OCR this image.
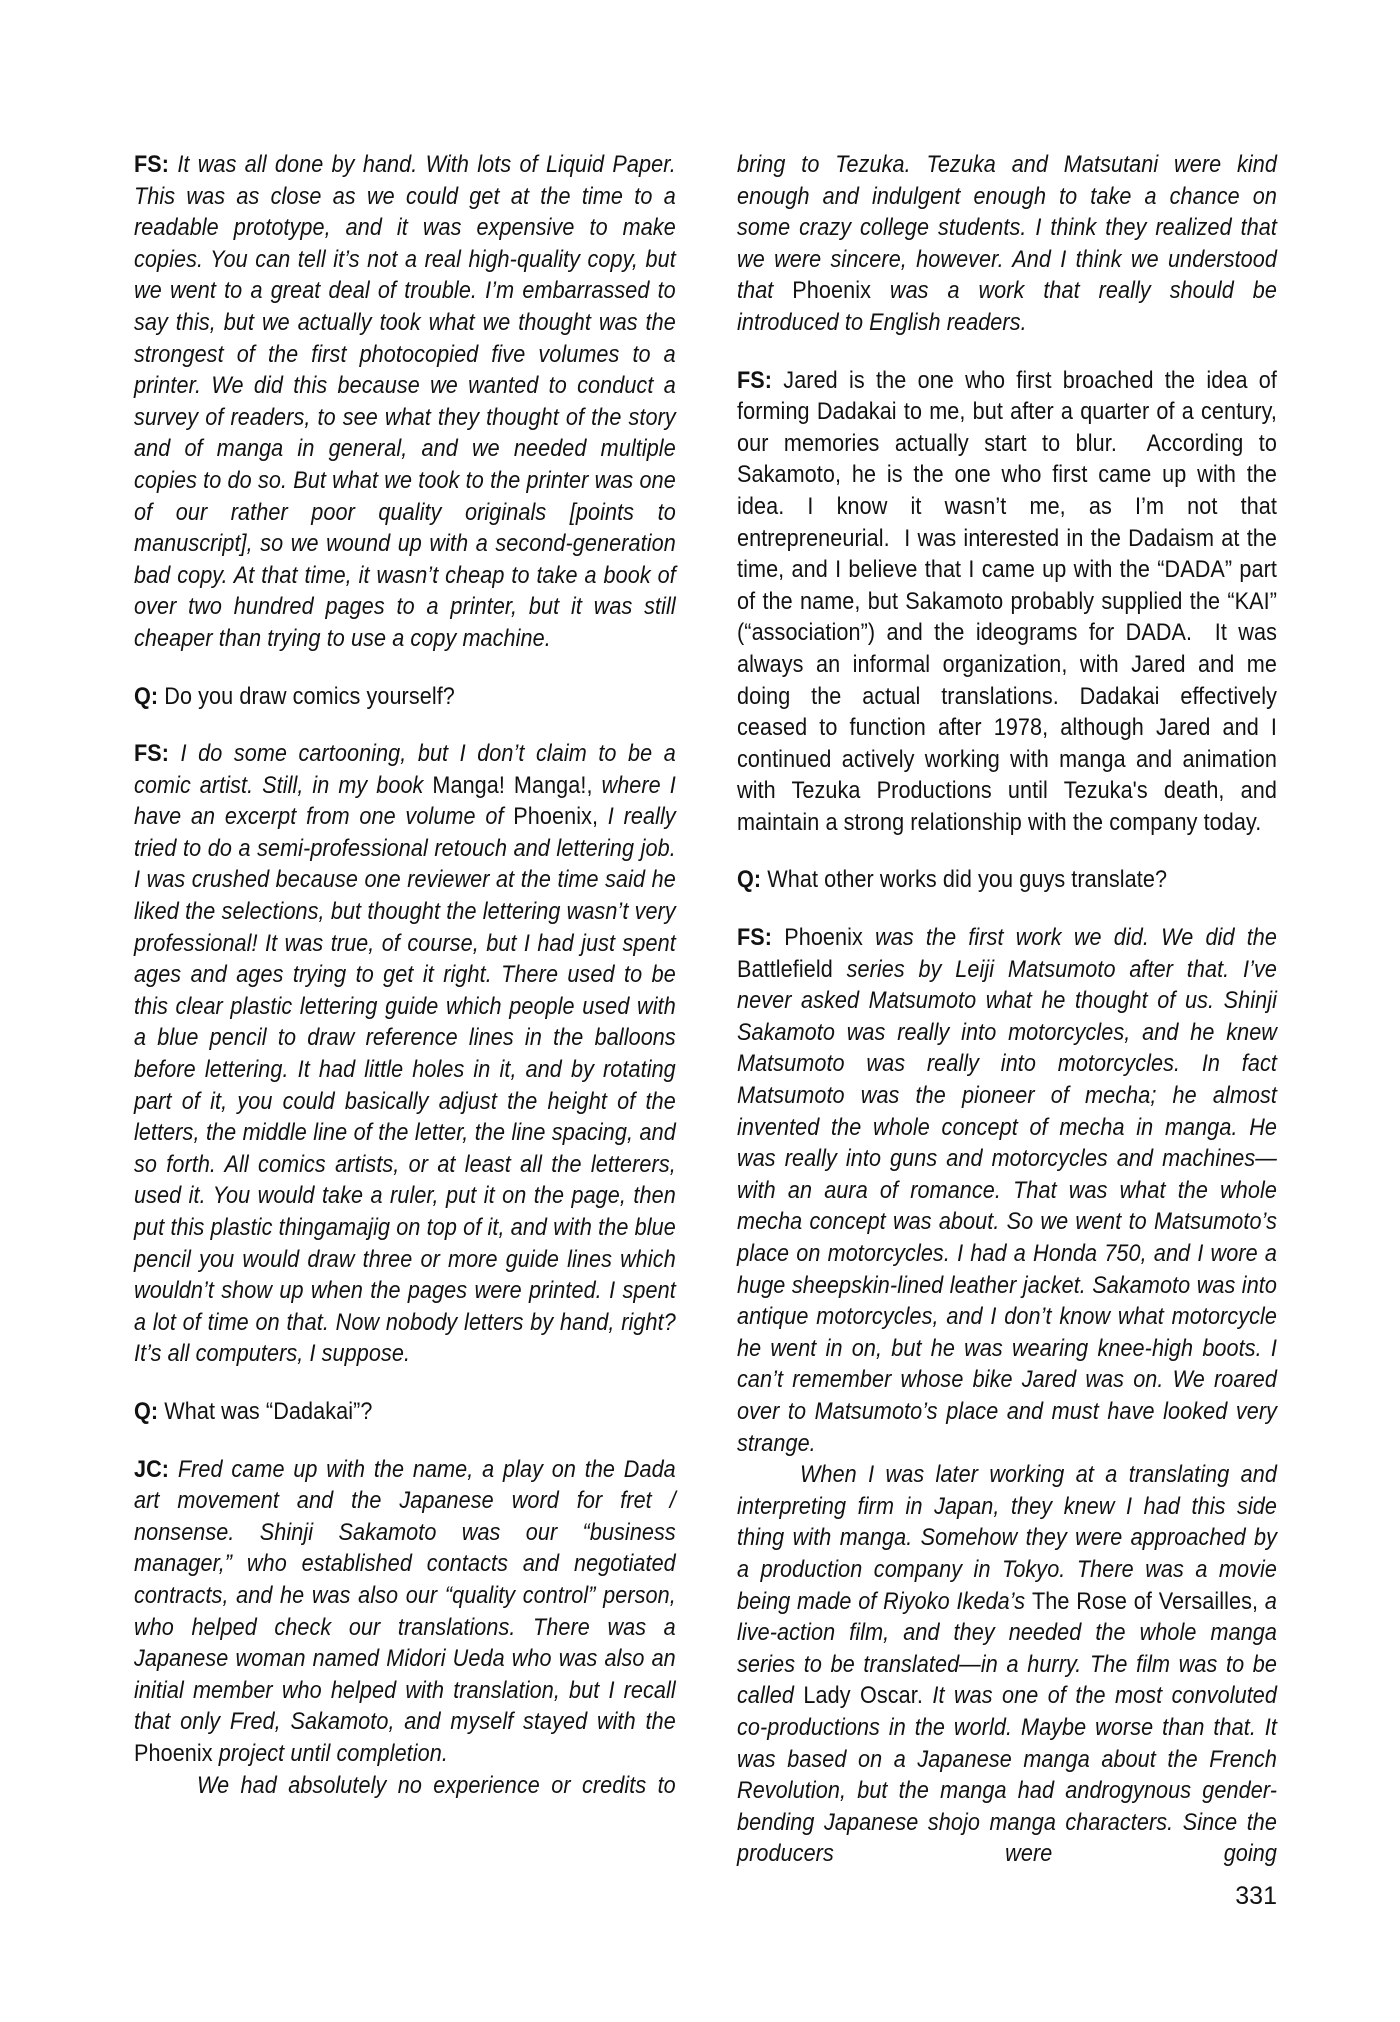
FS: It was all done by hand. With lots of Liquid Paper. This was as close as we could get at the time to a readable prototype, and it was expensive to make copies. You can tell it’s not a real high-quality copy, but we went to a great deal of trouble. I’m embarrassed to say this, but we actually took what we thought was the strongest of the first photocopied five volumes to a printer. We did this because we wanted to conduct a survey of readers, to see what they thought of the story and of manga in general, and we needed multiple copies to do so. But what we took to the printer was one of our rather poor quality originals [points to manuscript], so we wound up with a second-generation bad copy. At that time, it wasn’t cheap to take a book of over two hundred pages to a printer, but it was still cheaper than trying to use a copy machine.

Q: Do you draw comics yourself?

FS: I do some cartooning, but I don’t claim to be a comic artist. Still, in my book Manga! Manga!, where I have an excerpt from one volume of Phoenix, I really tried to do a semi-professional retouch and lettering job. I was crushed because one reviewer at the time said he liked the selections, but thought the lettering wasn’t very professional! It was true, of course, but I had just spent ages and ages trying to get it right. There used to be this clear plastic lettering guide which people used with a blue pencil to draw reference lines in the balloons before lettering. It had little holes in it, and by rotating part of it, you could basically adjust the height of the letters, the middle line of the letter, the line spacing, and so forth. All comics artists, or at least all the letterers, used it. You would take a ruler, put it on the page, then put this plastic thingamajig on top of it, and with the blue pencil you would draw three or more guide lines which wouldn’t show up when the pages were printed. I spent a lot of time on that. Now nobody letters by hand, right? It’s all computers, I suppose.

Q: What was “Dadakai”?

JC: Fred came up with the name, a play on the Dada art movement and the Japanese word for fret / nonsense. Shinji Sakamoto was our “business manager,” who established contacts and negotiated contracts, and he was also our “quality control” person, who helped check our translations. There was a Japanese woman named Midori Ueda who was also an initial member who helped with translation, but I recall that only Fred, Sakamoto, and myself stayed with the Phoenix project until completion.

We had absolutely no experience or credits to

bring to Tezuka. Tezuka and Matsutani were kind enough and indulgent enough to take a chance on some crazy college students. I think they realized that we were sincere, however. And I think we understood that Phoenix was a work that really should be introduced to English readers.

FS: Jared is the one who first broached the idea of forming Dadakai to me, but after a quarter of a century, our memories actually start to blur.  According to Sakamoto, he is the one who first came up with the idea. I know it wasn’t me, as I’m not that entrepreneurial.  I was interested in the Dadaism at the time, and I believe that I came up with the “DADA” part of the name, but Sakamoto probably supplied the “KAI” (“association”) and the ideograms for DADA.  It was always an informal organization, with Jared and me doing the actual translations. Dadakai effectively ceased to function after 1978, although Jared and I continued actively working with manga and animation with Tezuka Productions until Tezuka's death, and maintain a strong relationship with the company today.

Q: What other works did you guys translate?

FS: Phoenix was the first work we did. We did the Battlefield series by Leiji Matsumoto after that. I’ve never asked Matsumoto what he thought of us. Shinji Sakamoto was really into motorcycles, and he knew Matsumoto was really into motorcycles. In fact Matsumoto was the pioneer of mecha; he almost invented the whole concept of mecha in manga. He was really into guns and motorcycles and machines—with an aura of romance. That was what the whole mecha concept was about. So we went to Matsumoto’s place on motorcycles. I had a Honda 750, and I wore a huge sheepskin-lined leather jacket. Sakamoto was into antique motorcycles, and I don’t know what motorcycle he went in on, but he was wearing knee-high boots. I can’t remember whose bike Jared was on. We roared over to Matsumoto’s place and must have looked very strange.

When I was later working at a translating and interpreting firm in Japan, they knew I had this side thing with manga. Somehow they were approached by a production company in Tokyo. There was a movie being made of Riyoko Ikeda’s The Rose of Versailles, a live-action film, and they needed the whole manga series to be translated—in a hurry. The film was to be called Lady Oscar. It was one of the most convoluted co-productions in the world. Maybe worse than that. It was based on a Japanese manga about the French Revolution, but the manga had androgynous gender-bending Japanese shojo manga characters. Since the producers were going

331
